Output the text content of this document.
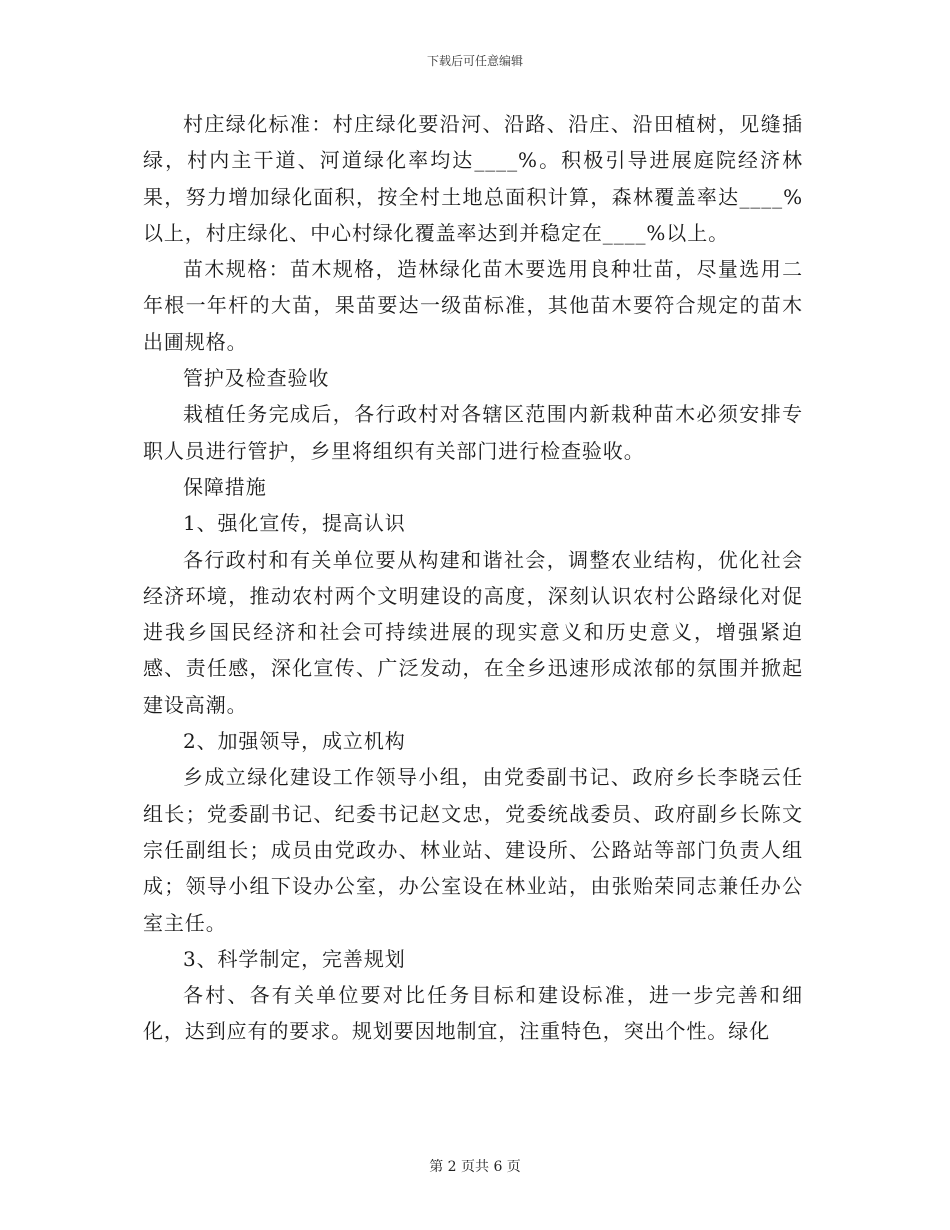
下载后可任意编辑

村庄绿化标准：村庄绿化要沿河、沿路、沿庄、沿田植树，见缝插绿，村内主干道、河道绿化率均达____%。积极引导进展庭院经济林果，努力增加绿化面积，按全村土地总面积计算，森林覆盖率达____%以上，村庄绿化、中心村绿化覆盖率达到并稳定在____%以上。

苗木规格：苗木规格，造林绿化苗木要选用良种壮苗，尽量选用二年根一年杆的大苗，果苗要达一级苗标准，其他苗木要符合规定的苗木出圃规格。

管护及检查验收

栽植任务完成后，各行政村对各辖区范围内新栽种苗木必须安排专职人员进行管护，乡里将组织有关部门进行检查验收。

保障措施

1、强化宣传，提高认识

各行政村和有关单位要从构建和谐社会，调整农业结构，优化社会经济环境，推动农村两个文明建设的高度，深刻认识农村公路绿化对促进我乡国民经济和社会可持续进展的现实意义和历史意义，增强紧迫感、责任感，深化宣传、广泛发动，在全乡迅速形成浓郁的氛围并掀起建设高潮。

2、加强领导，成立机构

乡成立绿化建设工作领导小组，由党委副书记、政府乡长李晓云任组长；党委副书记、纪委书记赵文忠，党委统战委员、政府副乡长陈文宗任副组长；成员由党政办、林业站、建设所、公路站等部门负责人组成；领导小组下设办公室，办公室设在林业站，由张贻荣同志兼任办公室主任。

3、科学制定，完善规划

各村、各有关单位要对比任务目标和建设标准，进一步完善和细化，达到应有的要求。规划要因地制宜，注重特色，突出个性。绿化

第 2 页共 6 页
